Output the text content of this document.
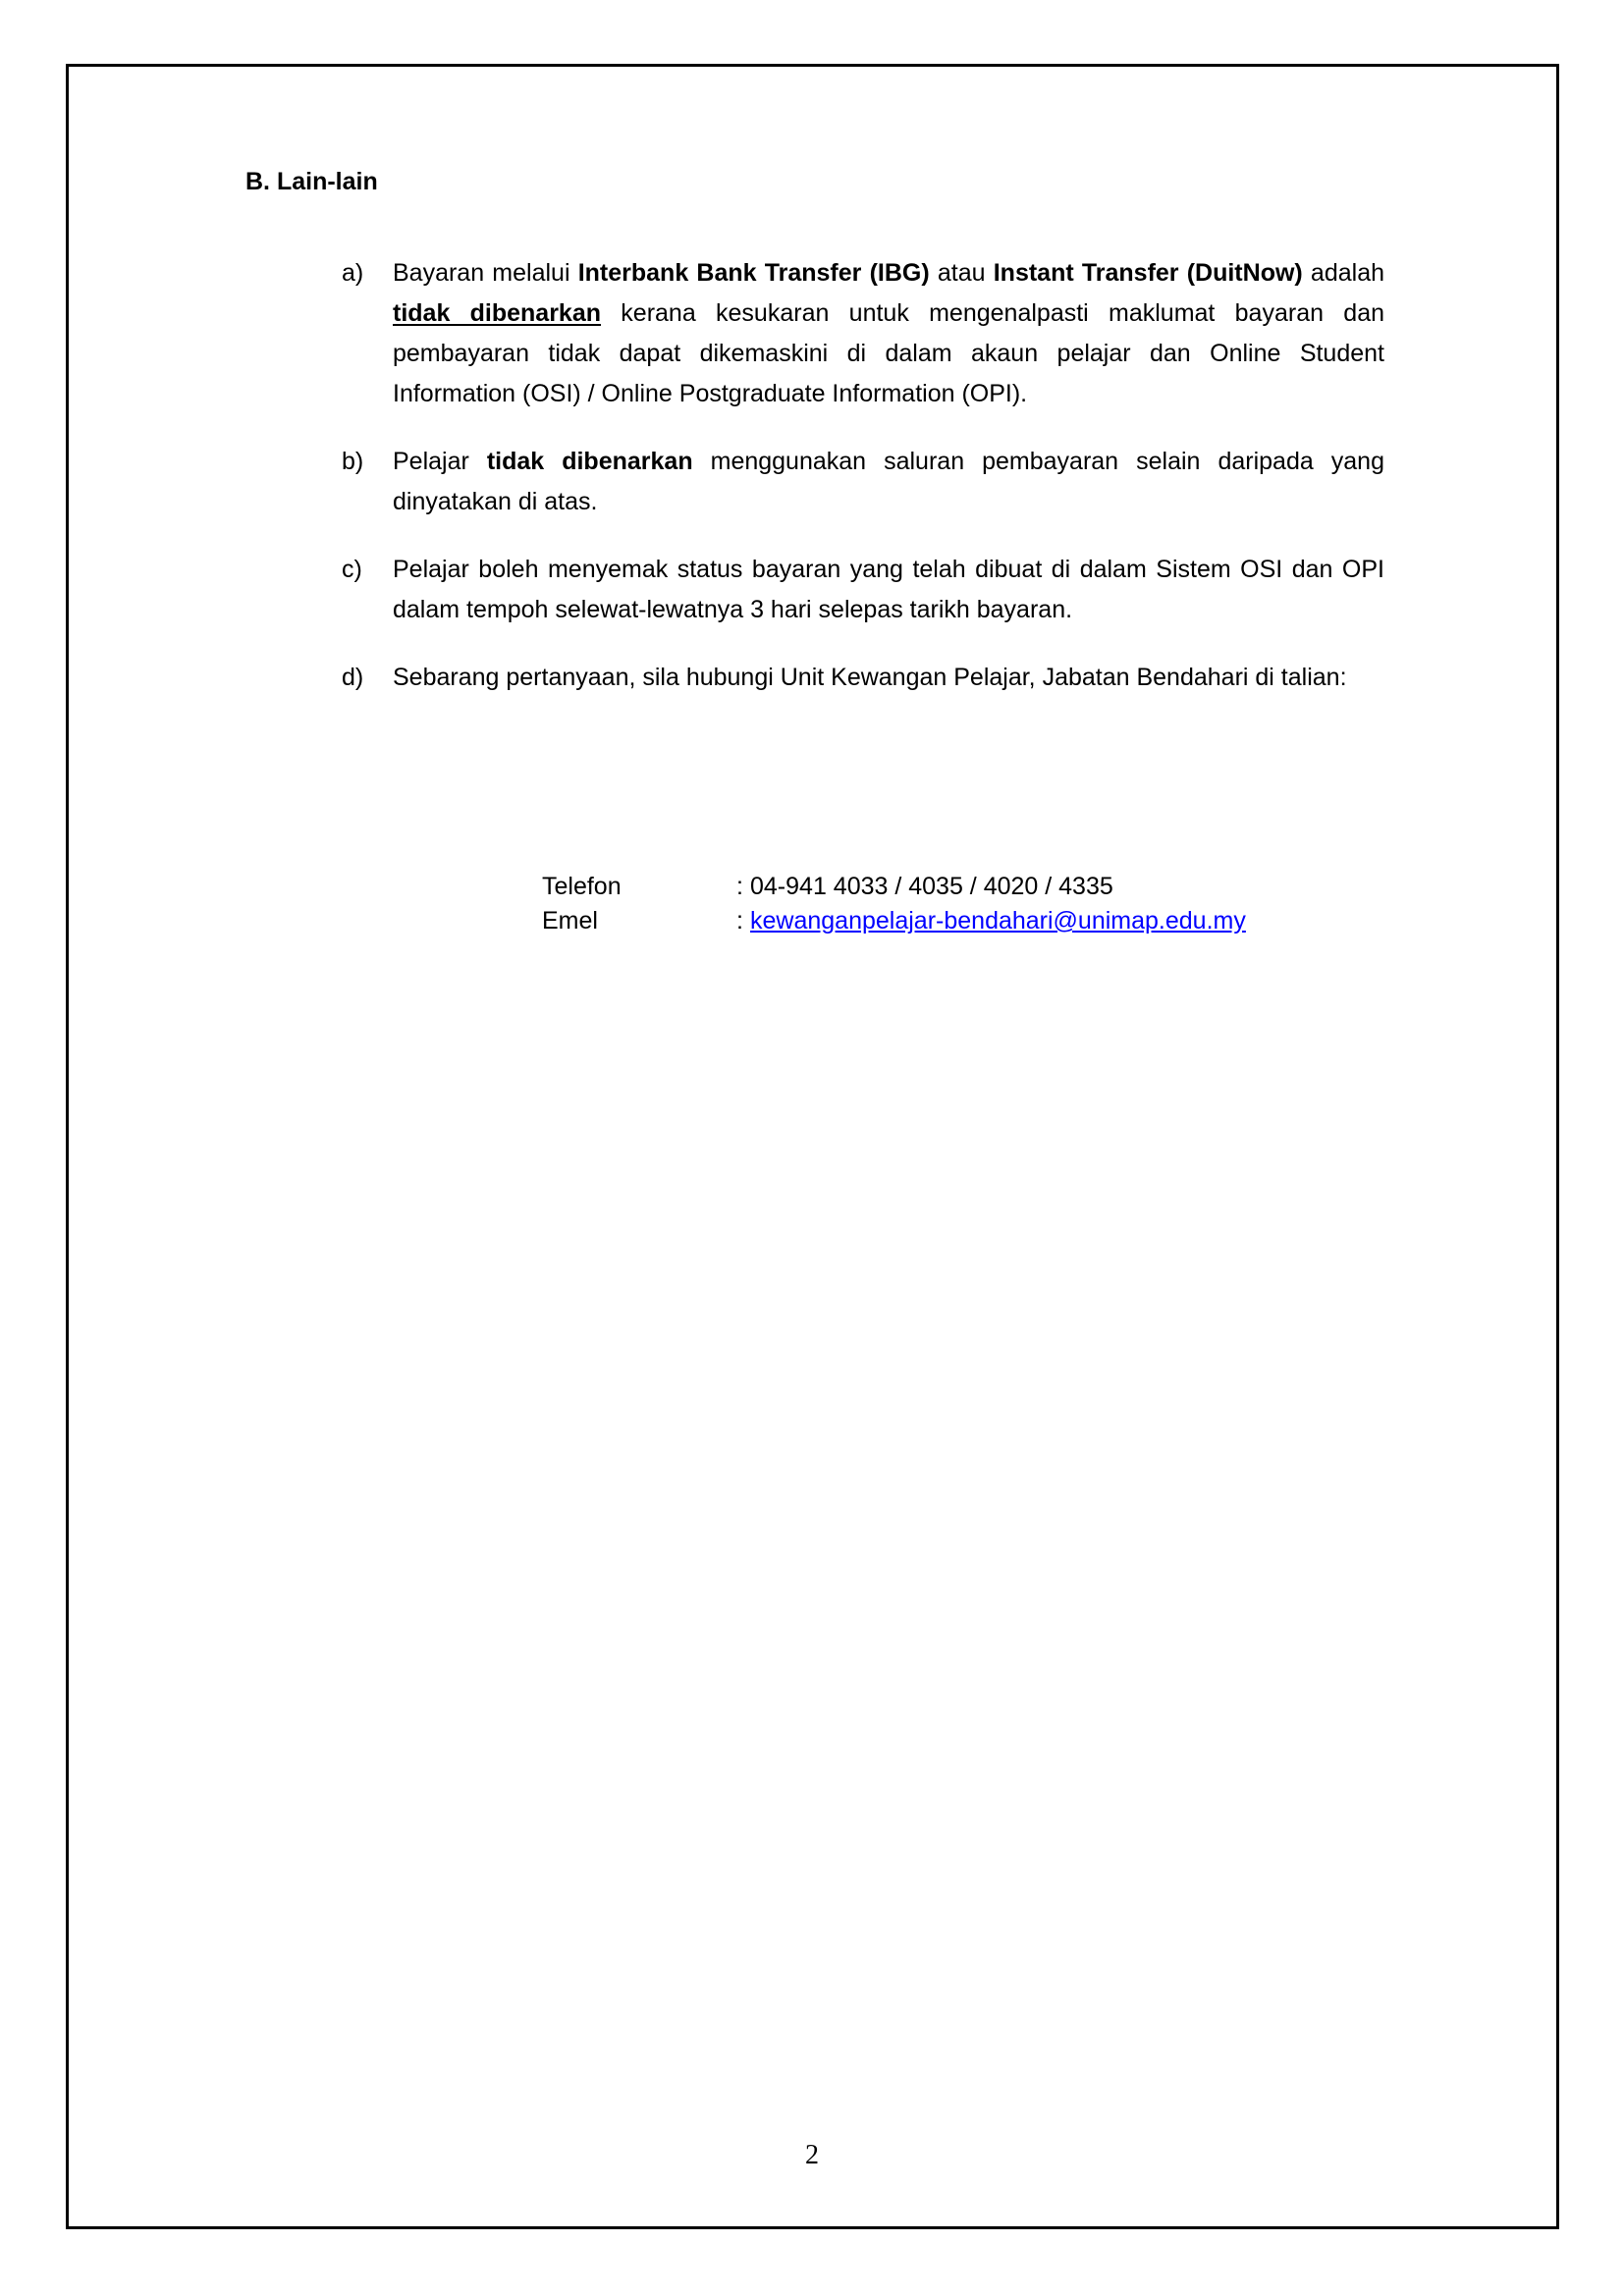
B. Lain-lain
a) Bayaran melalui Interbank Bank Transfer (IBG) atau Instant Transfer (DuitNow) adalah tidak dibenarkan kerana kesukaran untuk mengenalpasti maklumat bayaran dan pembayaran tidak dapat dikemaskini di dalam akaun pelajar dan Online Student Information (OSI) / Online Postgraduate Information (OPI).
b) Pelajar tidak dibenarkan menggunakan saluran pembayaran selain daripada yang dinyatakan di atas.
c) Pelajar boleh menyemak status bayaran yang telah dibuat di dalam Sistem OSI dan OPI dalam tempoh selewat-lewatnya 3 hari selepas tarikh bayaran.
d) Sebarang pertanyaan, sila hubungi Unit Kewangan Pelajar, Jabatan Bendahari di talian:
Telefon	: 04-941 4033 / 4035 / 4020 / 4335
Emel	: kewanganpelajar-bendahari@unimap.edu.my
2
